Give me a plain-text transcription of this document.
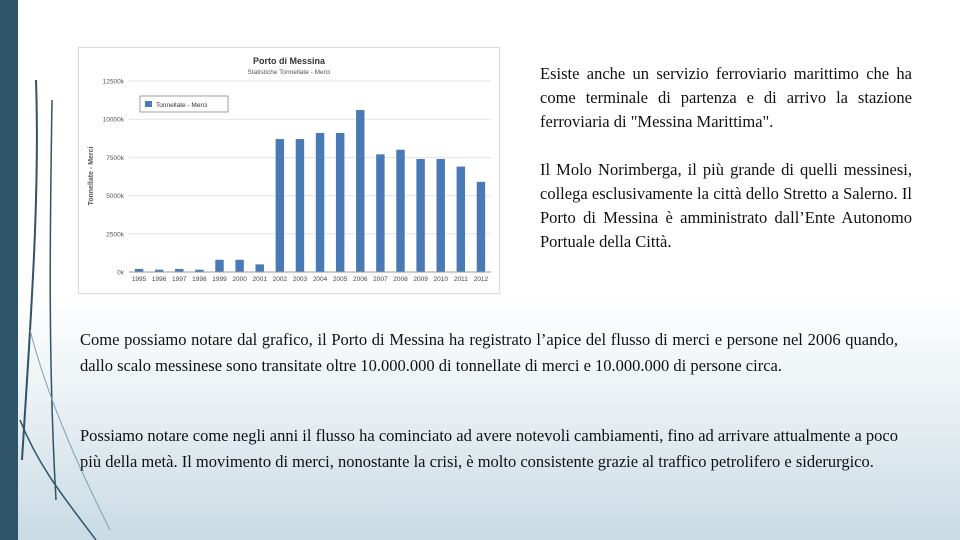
Porto di Messina
Statistiche Tonnellate - Merci
Tonnellate - Merci
0k
2500k
5000k
7500k
10000k
12500k
1995 1996 1997 1998 1999 2000 2001 2002 2003 2004 2005 2006 2007 2008 2009 2010 2011 2012
Tonnellate - Merci

Esiste anche un servizio ferroviario marittimo che ha come terminale di partenza e di arrivo la stazione ferroviaria di "Messina Marittima".

Il Molo Norimberga, il più grande di quelli messinesi, collega esclusivamente la città dello Stretto a Salerno. Il Porto di Messina è amministrato dall’Ente Autonomo Portuale della Città.

Come possiamo notare dal grafico, il Porto di Messina ha registrato l’apice del flusso di merci e persone nel 2006 quando, dallo scalo messinese sono transitate oltre 10.000.000 di tonnellate di merci e 10.000.000 di persone circa.

Possiamo notare come negli anni il flusso ha cominciato ad avere notevoli cambiamenti, fino ad arrivare attualmente a poco più della metà. Il movimento di merci, nonostante la crisi, è molto consistente grazie al traffico petrolifero e siderurgico.
